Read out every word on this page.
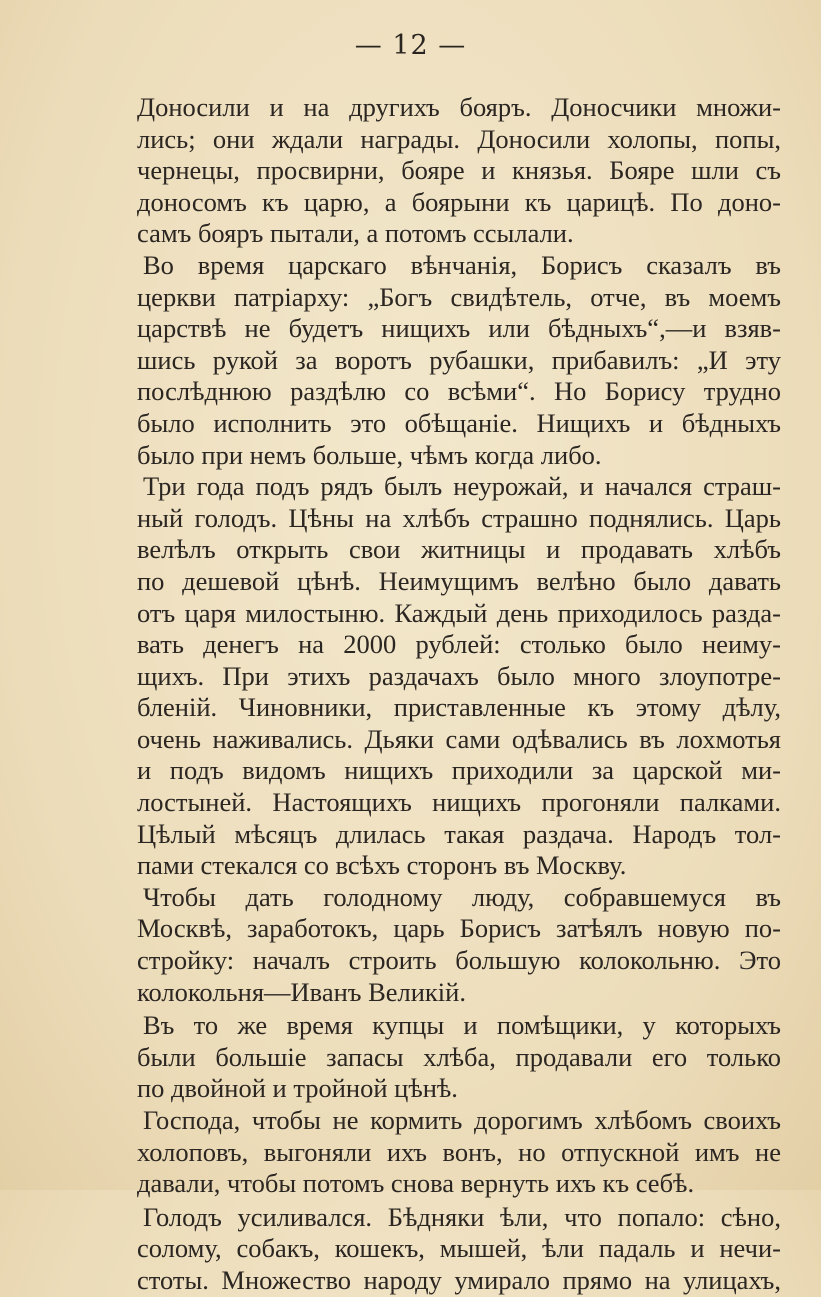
— 12 —

Доносили и на другихъ бояръ. Доносчики множи-
лись; они ждали награды. Доносили холопы, попы,
чернецы, просвирни, бояре и князья. Бояре шли съ
доносомъ къ царю, а боярыни къ царицѣ. По доно-
самъ бояръ пытали, а потомъ ссылали.

Во время царскаго вѣнчанія, Борисъ сказалъ въ
церкви патріарху: „Богъ свидѣтель, отче, въ моемъ
царствѣ не будетъ нищихъ или бѣдныхъ“,—и взяв-
шись рукой за воротъ рубашки, прибавилъ: „И эту
послѣднюю раздѣлю со всѣми“. Но Борису трудно
было исполнить это обѣщаніе. Нищихъ и бѣдныхъ
было при немъ больше, чѣмъ когда либо.

Три года подъ рядъ былъ неурожай, и начался страш-
ный голодъ. Цѣны на хлѣбъ страшно поднялись. Царь
велѣлъ открыть свои житницы и продавать хлѣбъ
по дешевой цѣнѣ. Неимущимъ велѣно было давать
отъ царя милостыню. Каждый день приходилось разда-
вать денегъ на 2000 рублей: столько было неиму-
щихъ. При этихъ раздачахъ было много злоупотре-
бленій. Чиновники, приставленные къ этому дѣлу,
очень наживались. Дьяки сами одѣвались въ лохмотья
и подъ видомъ нищихъ приходили за царской ми-
лостыней. Настоящихъ нищихъ прогоняли палками.
Цѣлый мѣсяцъ длилась такая раздача. Народъ тол-
пами стекался со всѣхъ сторонъ въ Москву.

Чтобы дать голодному люду, собравшемуся въ
Москвѣ, заработокъ, царь Борисъ затѣялъ новую по-
стройку: началъ строить большую колокольню. Это
колокольня—Иванъ Великій.

Въ то же время купцы и помѣщики, у которыхъ
были большіе запасы хлѣба, продавали его только
по двойной и тройной цѣнѣ.

Господа, чтобы не кормить дорогимъ хлѣбомъ своихъ
холоповъ, выгоняли ихъ вонъ, но отпускной имъ не
давали, чтобы потомъ снова вернуть ихъ къ себѣ.

Голодъ усиливался. Бѣдняки ѣли, что попало: сѣно,
солому, собакъ, кошекъ, мышей, ѣли падаль и нечи-
стоты. Множество народу умирало прямо на улицахъ,
